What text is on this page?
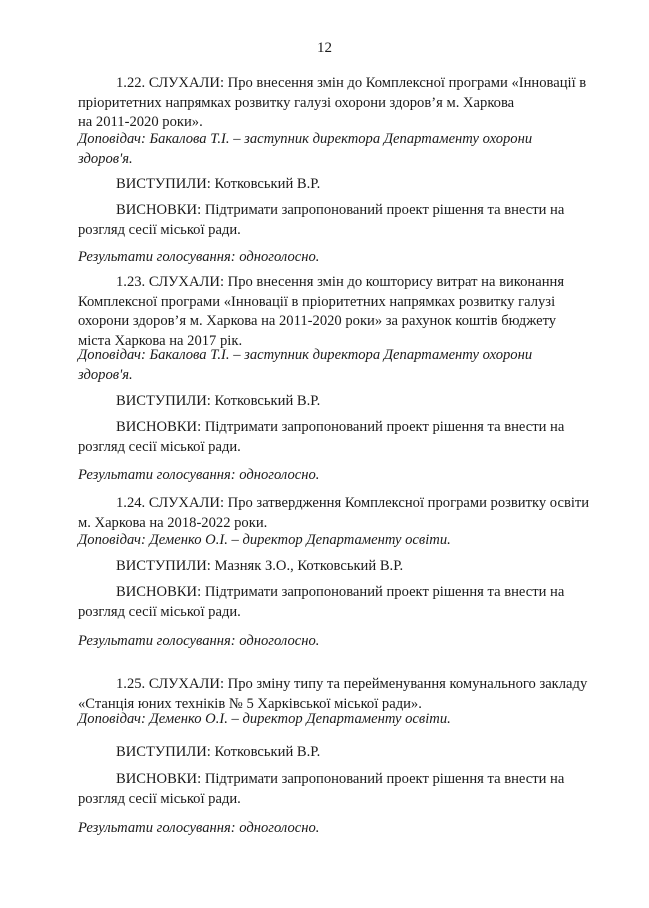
12
1.22. СЛУХАЛИ: Про внесення змін до Комплексної програми «Інновації в
пріоритетних напрямках розвитку галузі охорони здоров’я м. Харкова
на 2011-2020 роки».
Доповідач: Бакалова Т.І. – заступник директора Департаменту охорони
здоров'я.
ВИСТУПИЛИ: Котковський В.Р.
ВИСНОВКИ: Підтримати запропонований проект рішення та внести на
розгляд сесії міської ради.
Результати голосування: одноголосно.
1.23. СЛУХАЛИ: Про внесення змін до кошторису витрат на виконання
Комплексної програми «Інновації в пріоритетних напрямках розвитку галузі
охорони здоров’я м. Харкова на 2011-2020 роки» за рахунок коштів бюджету
міста Харкова на 2017 рік.
Доповідач: Бакалова Т.І. – заступник директора Департаменту охорони
здоров'я.
ВИСТУПИЛИ: Котковський В.Р.
ВИСНОВКИ: Підтримати запропонований проект рішення та внести на
розгляд сесії міської ради.
Результати голосування: одноголосно.
1.24. СЛУХАЛИ: Про затвердження Комплексної програми розвитку освіти
м. Харкова на 2018-2022 роки.
Доповідач: Деменко О.І. – директор Департаменту освіти.
ВИСТУПИЛИ: Мазняк З.О., Котковський В.Р.
ВИСНОВКИ: Підтримати запропонований проект рішення та внести на
розгляд сесії міської ради.
Результати голосування: одноголосно.
1.25. СЛУХАЛИ: Про зміну типу та перейменування комунального закладу
«Станція юних техніків № 5 Харківської міської ради».
Доповідач: Деменко О.І. – директор Департаменту освіти.
ВИСТУПИЛИ: Котковський В.Р.
ВИСНОВКИ: Підтримати запропонований проект рішення та внести на
розгляд сесії міської ради.
Результати голосування: одноголосно.
